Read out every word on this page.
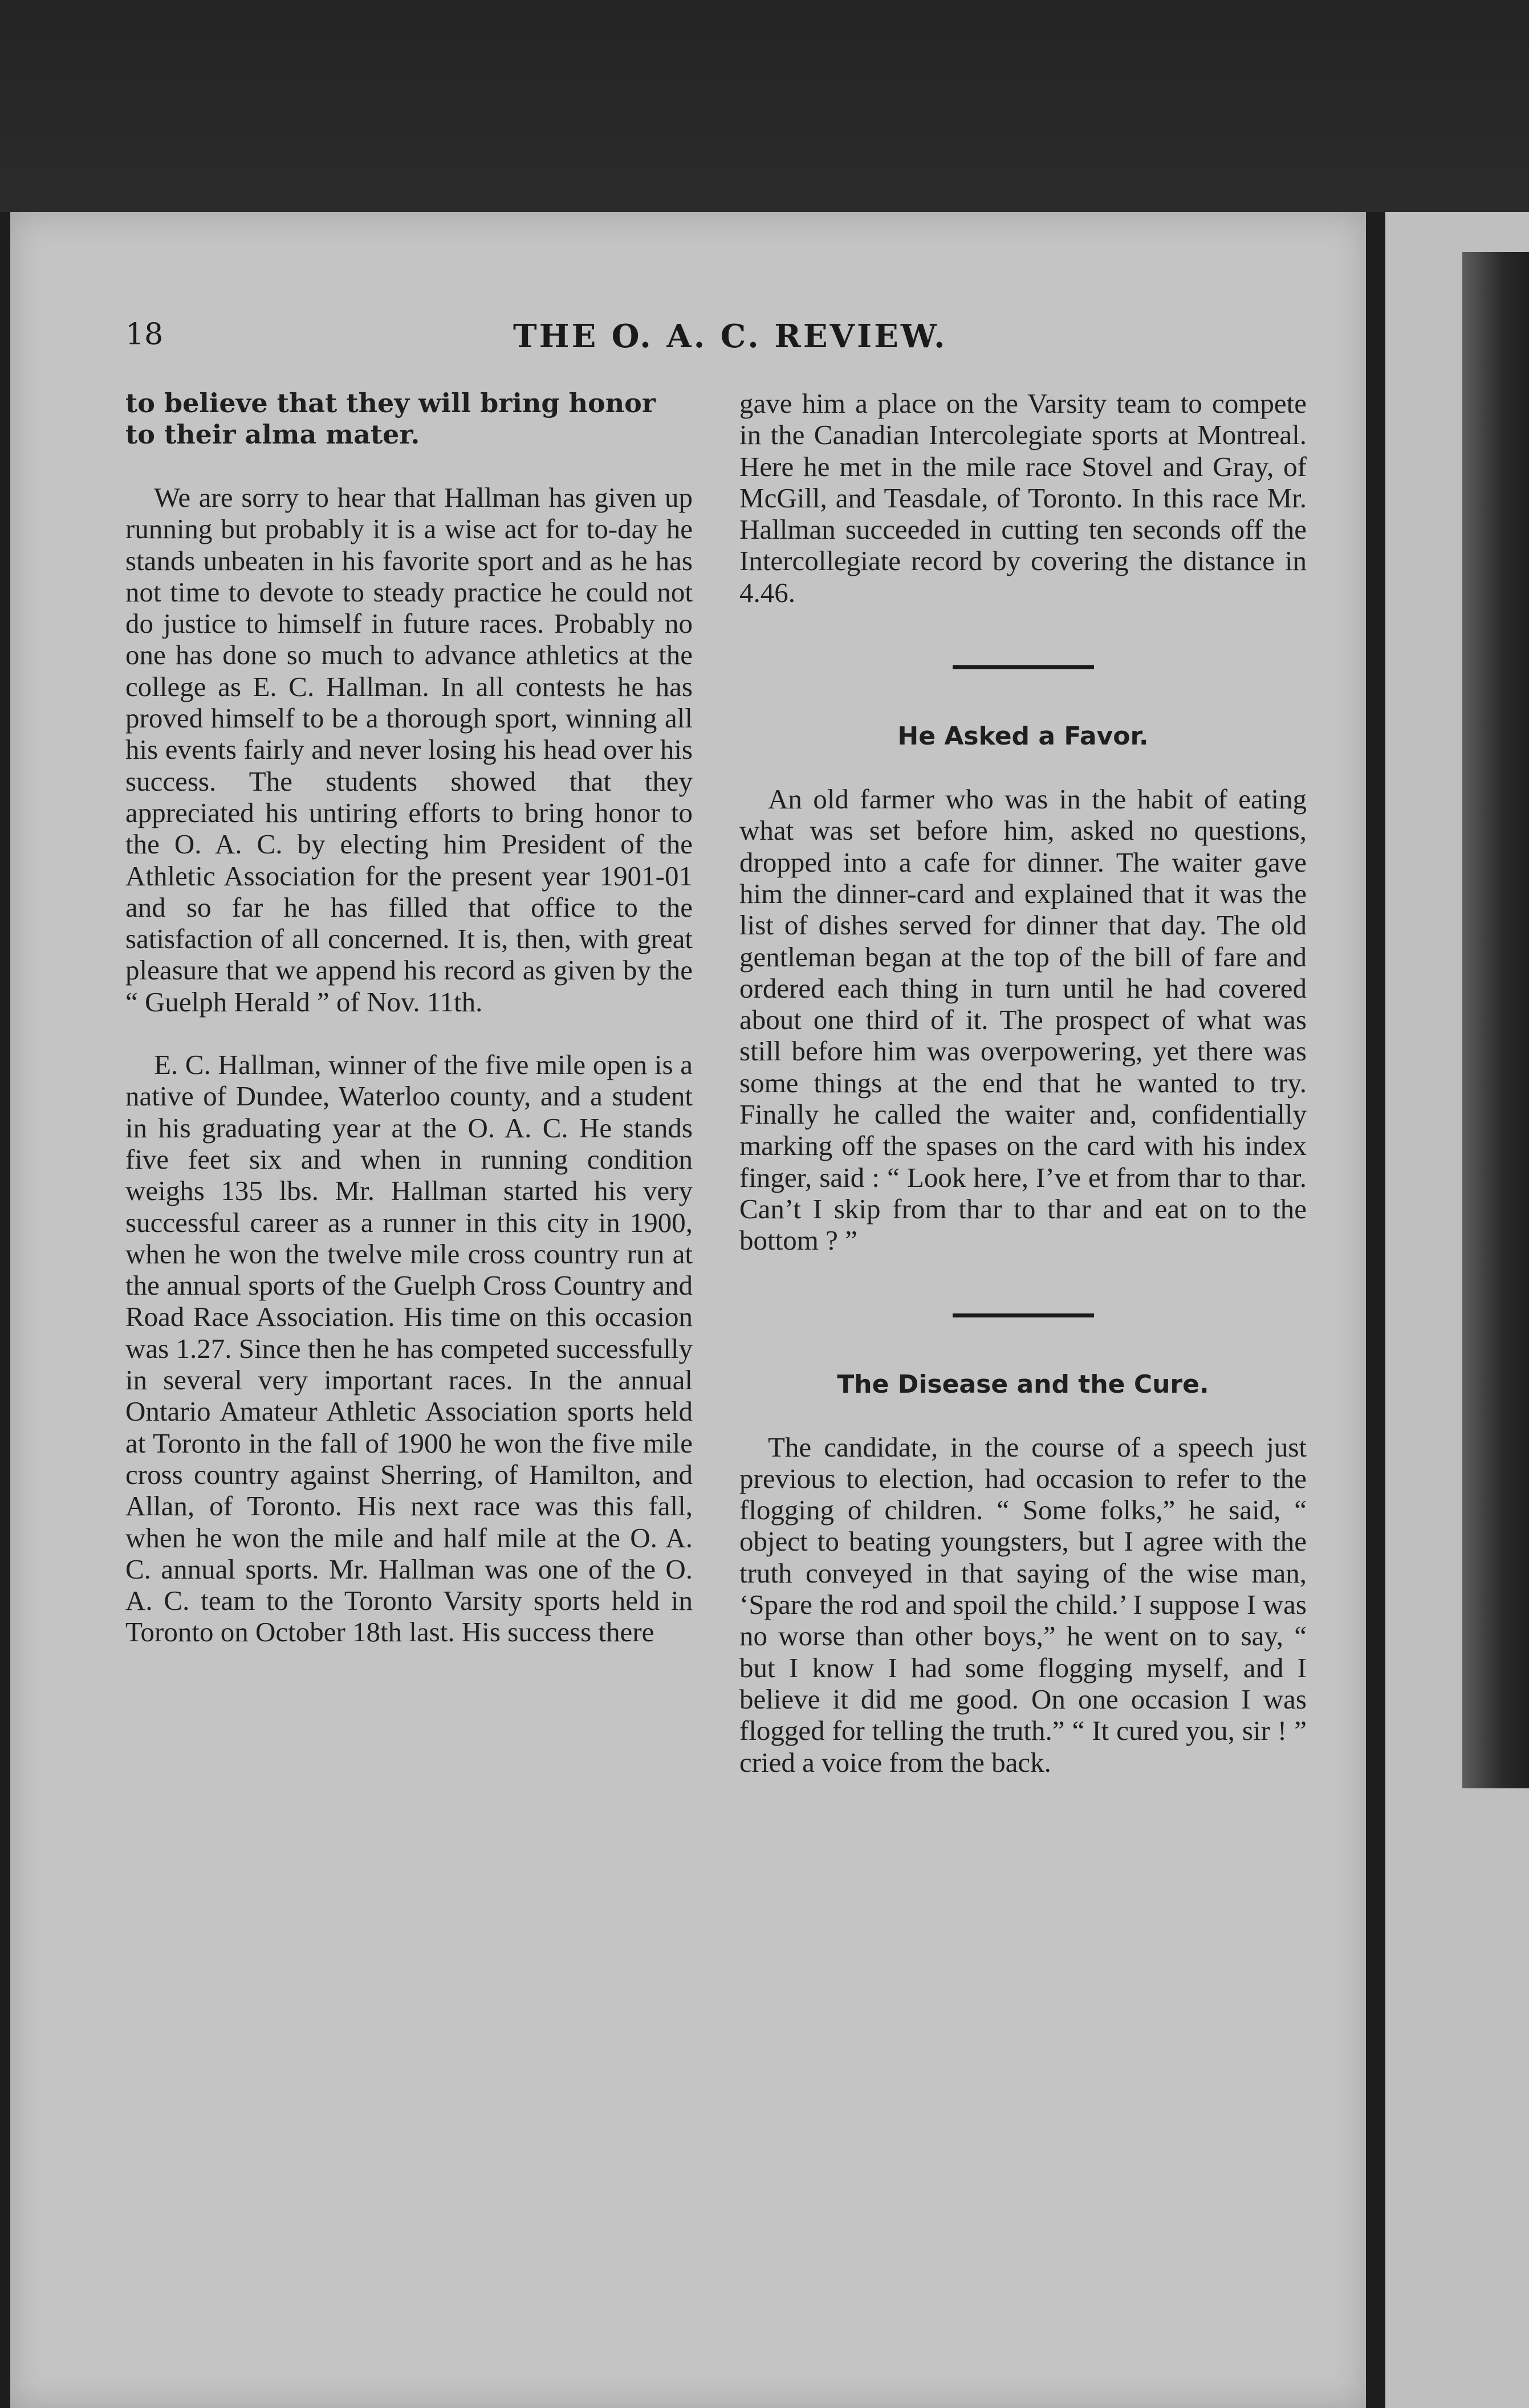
18	THE O. A. C. REVIEW.

to believe that they will bring honor to their alma mater.

We are sorry to hear that Hallman has given up running but probably it is a wise act for to-day he stands unbeaten in his favorite sport and as he has not time to devote to steady practice he could not do justice to himself in future races. Probably no one has done so much to advance athletics at the college as E. C. Hallman. In all contests he has proved himself to be a thorough sport, winning all his events fairly and never losing his head over his success. The students showed that they appreciated his untiring efforts to bring honor to the O. A. C. by electing him President of the Athletic Association for the present year 1901-01 and so far he has filled that office to the satisfaction of all concerned. It is, then, with great pleasure that we append his record as given by the “ Guelph Herald ” of Nov. 11th.

E. C. Hallman, winner of the five mile open is a native of Dundee, Waterloo county, and a student in his graduating year at the O. A. C. He stands five feet six and when in running condition weighs 135 lbs. Mr. Hallman started his very successful career as a runner in this city in 1900, when he won the twelve mile cross country run at the annual sports of the Guelph Cross Country and Road Race Association. His time on this occasion was 1.27. Since then he has competed successfully in several very important races. In the annual Ontario Amateur Athletic Association sports held at Toronto in the fall of 1900 he won the five mile cross country against Sherring, of Hamilton, and Allan, of Toronto. His next race was this fall, when he won the mile and half mile at the O. A. C. annual sports. Mr. Hallman was one of the O. A. C. team to the Toronto Varsity sports held in Toronto on October 18th last. His success there

gave him a place on the Varsity team to compete in the Canadian Intercolegiate sports at Montreal. Here he met in the mile race Stovel and Gray, of McGill, and Teasdale, of Toronto. In this race Mr. Hallman succeeded in cutting ten seconds off the Intercollegiate record by covering the distance in 4.46.

He Asked a Favor.

An old farmer who was in the habit of eating what was set before him, asked no questions, dropped into a cafe for dinner. The waiter gave him the dinner-card and explained that it was the list of dishes served for dinner that day. The old gentleman began at the top of the bill of fare and ordered each thing in turn until he had covered about one third of it. The prospect of what was still before him was overpowering, yet there was some things at the end that he wanted to try. Finally he called the waiter and, confidentially marking off the spases on the card with his index finger, said : “ Look here, I’ve et from thar to thar. Can’t I skip from thar to thar and eat on to the bottom ? ”

The Disease and the Cure.

The candidate, in the course of a speech just previous to election, had occasion to refer to the flogging of children. “ Some folks,” he said, “ object to beating youngsters, but I agree with the truth conveyed in that saying of the wise man, ‘Spare the rod and spoil the child.’ I suppose I was no worse than other boys,” he went on to say, “ but I know I had some flogging myself, and I believe it did me good. On one occasion I was flogged for telling the truth.” “ It cured you, sir ! ” cried a voice from the back.
